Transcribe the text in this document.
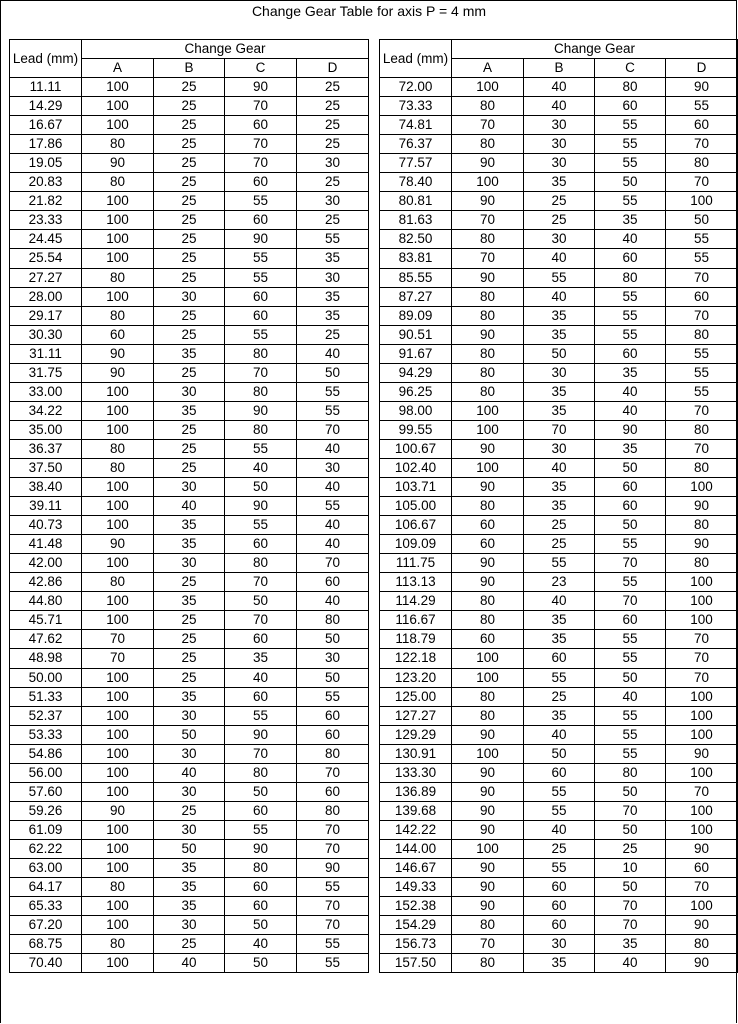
Change Gear Table for axis P = 4 mm
Lead (mm)	Change Gear			
	A	B	C	D
11.11	100	25	90	25
14.29	100	25	70	25
16.67	100	25	60	25
17.86	80	25	70	25
19.05	90	25	70	30
20.83	80	25	60	25
21.82	100	25	55	30
23.33	100	25	60	25
24.45	100	25	90	55
25.54	100	25	55	35
27.27	80	25	55	30
28.00	100	30	60	35
29.17	80	25	60	35
30.30	60	25	55	25
31.11	90	35	80	40
31.75	90	25	70	50
33.00	100	30	80	55
34.22	100	35	90	55
35.00	100	25	80	70
36.37	80	25	55	40
37.50	80	25	40	30
38.40	100	30	50	40
39.11	100	40	90	55
40.73	100	35	55	40
41.48	90	35	60	40
42.00	100	30	80	70
42.86	80	25	70	60
44.80	100	35	50	40
45.71	100	25	70	80
47.62	70	25	60	50
48.98	70	25	35	30
50.00	100	25	40	50
51.33	100	35	60	55
52.37	100	30	55	60
53.33	100	50	90	60
54.86	100	30	70	80
56.00	100	40	80	70
57.60	100	30	50	60
59.26	90	25	60	80
61.09	100	30	55	70
62.22	100	50	90	70
63.00	100	35	80	90
64.17	80	35	60	55
65.33	100	35	60	70
67.20	100	30	50	70
68.75	80	25	40	55
70.40	100	40	50	55
Lead (mm)	Change Gear			
	A	B	C	D
72.00	100	40	80	90
73.33	80	40	60	55
74.81	70	30	55	60
76.37	80	30	55	70
77.57	90	30	55	80
78.40	100	35	50	70
80.81	90	25	55	100
81.63	70	25	35	50
82.50	80	30	40	55
83.81	70	40	60	55
85.55	90	55	80	70
87.27	80	40	55	60
89.09	80	35	55	70
90.51	90	35	55	80
91.67	80	50	60	55
94.29	80	30	35	55
96.25	80	35	40	55
98.00	100	35	40	70
99.55	100	70	90	80
100.67	90	30	35	70
102.40	100	40	50	80
103.71	90	35	60	100
105.00	80	35	60	90
106.67	60	25	50	80
109.09	60	25	55	90
111.75	90	55	70	80
113.13	90	23	55	100
114.29	80	40	70	100
116.67	80	35	60	100
118.79	60	35	55	70
122.18	100	60	55	70
123.20	100	55	50	70
125.00	80	25	40	100
127.27	80	35	55	100
129.29	90	40	55	100
130.91	100	50	55	90
133.30	90	60	80	100
136.89	90	55	50	70
139.68	90	55	70	100
142.22	90	40	50	100
144.00	100	25	25	90
146.67	90	55	10	60
149.33	90	60	50	70
152.38	90	60	70	100
154.29	80	60	70	90
156.73	70	30	35	80
157.50	80	35	40	90
